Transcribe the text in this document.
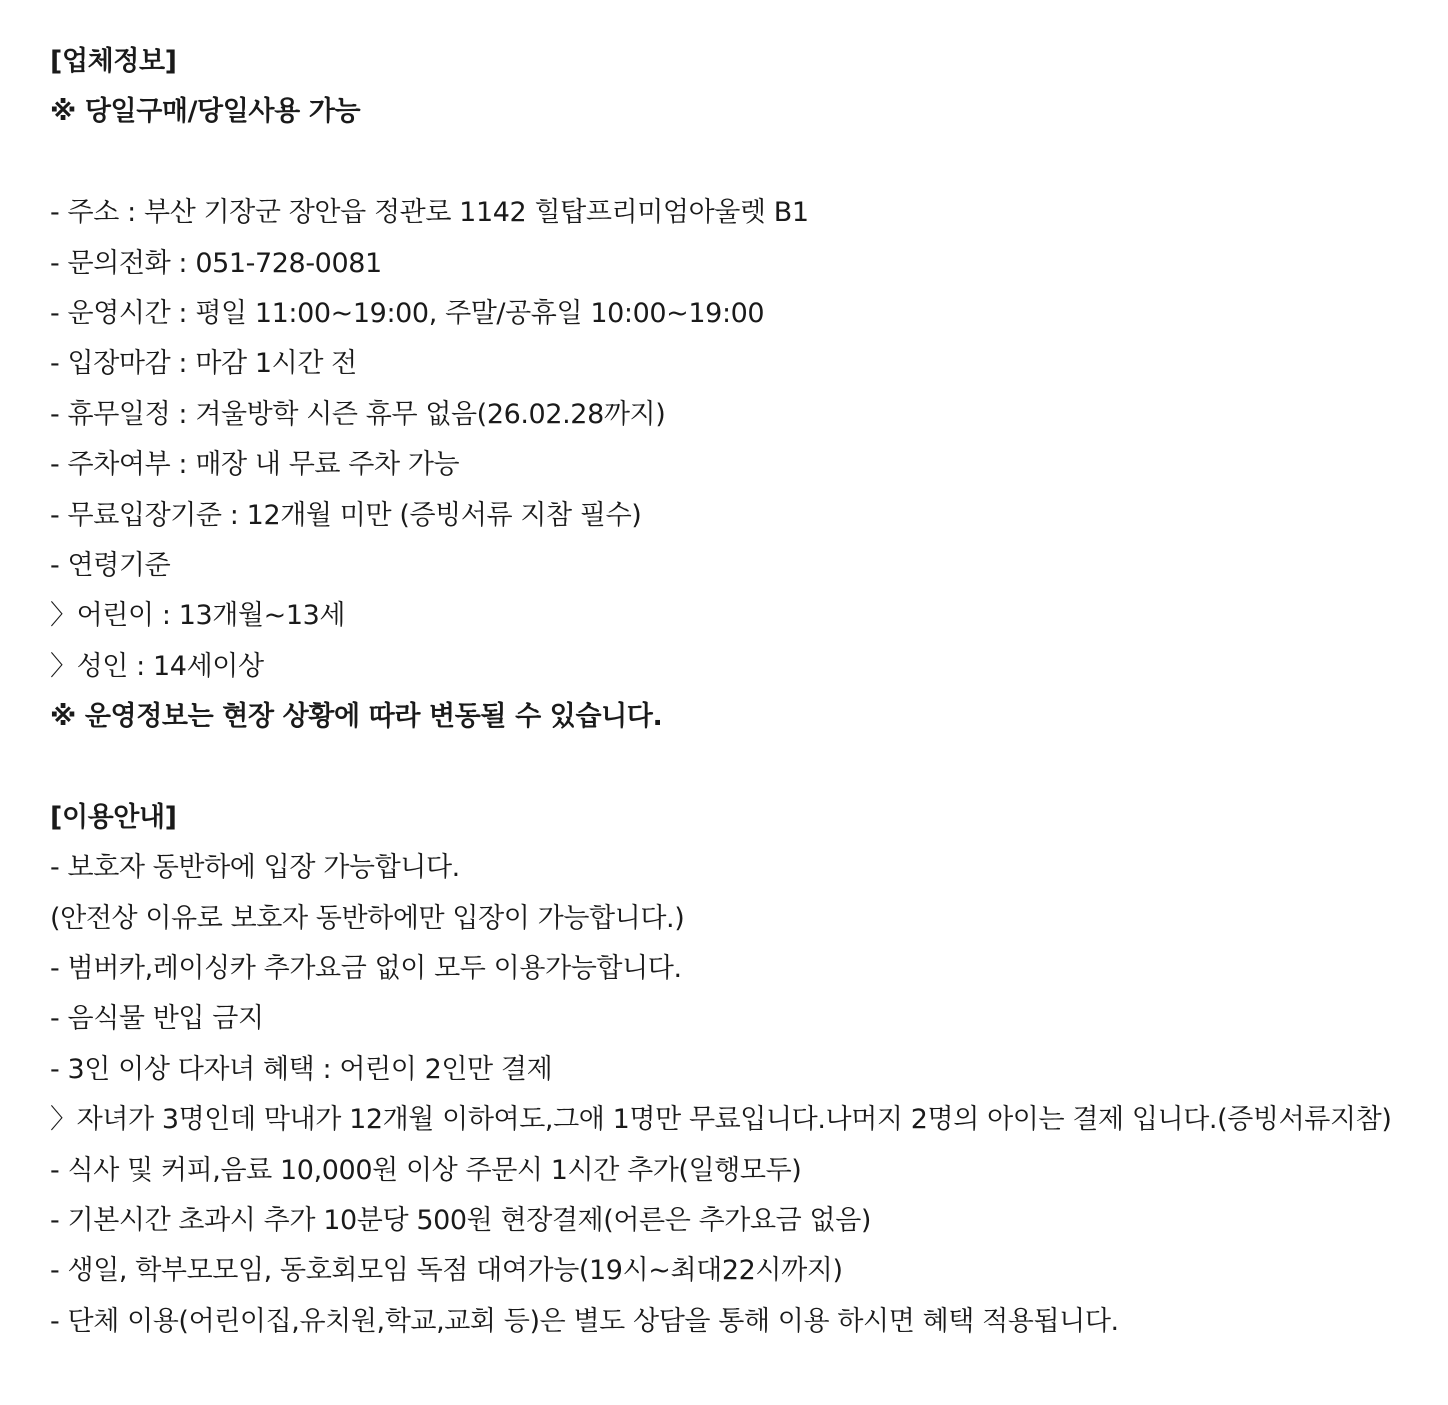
[업체정보]
※ 당일구매/당일사용 가능
- 주소 : 부산 기장군 장안읍 정관로 1142 힐탑프리미엄아울렛 B1
- 문의전화 : 051-728-0081
- 운영시간 : 평일 11:00~19:00, 주말/공휴일 10:00~19:00
- 입장마감 : 마감 1시간 전
- 휴무일정 : 겨울방학 시즌 휴무 없음(26.02.28까지)
- 주차여부 : 매장 내 무료 주차 가능
- 무료입장기준 : 12개월 미만 (증빙서류 지참 필수)
- 연령기준
〉어린이 : 13개월~13세
〉성인 : 14세이상
※ 운영정보는 현장 상황에 따라 변동될 수 있습니다.
[이용안내]
- 보호자 동반하에 입장 가능합니다.
(안전상 이유로 보호자 동반하에만 입장이 가능합니다.)
- 범버카,레이싱카 추가요금 없이 모두 이용가능합니다.
- 음식물 반입 금지
- 3인 이상 다자녀 혜택 : 어린이 2인만 결제
〉자녀가 3명인데 막내가 12개월 이하여도,그애 1명만 무료입니다.나머지 2명의 아이는 결제 입니다.(증빙서류지참)
- 식사 및 커피,음료 10,000원 이상 주문시 1시간 추가(일행모두)
- 기본시간 초과시 추가 10분당 500원 현장결제(어른은 추가요금 없음)
- 생일, 학부모모임, 동호회모임 독점 대여가능(19시~최대22시까지)
- 단체 이용(어린이집,유치원,학교,교회 등)은 별도 상담을 통해 이용 하시면 혜택 적용됩니다.
